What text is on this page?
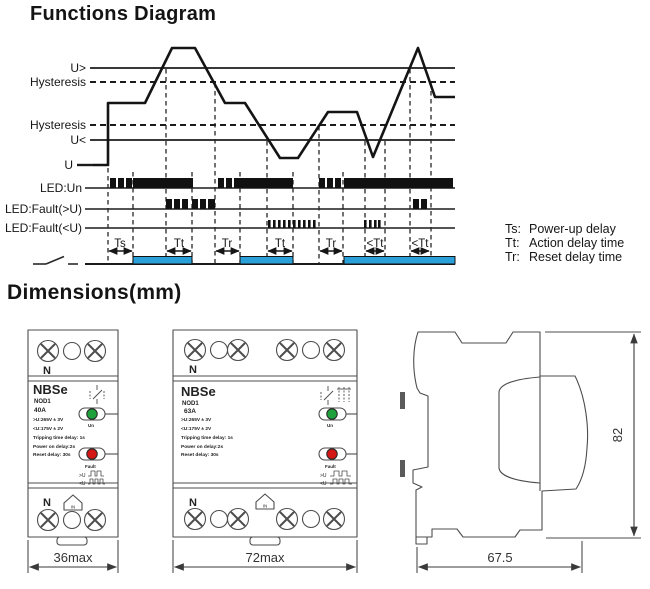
Functions Diagram
Dimensions(mm)
U>
Hysteresis
Hysteresis
U<
U
LED:Un
LED:Fault(>U)
LED:Fault(<U)
Ts	Tt	Tr	Tt	Tr	<Tt <Tt
Ts: Power-up delay
Tt: Action delay time
Tr: Reset delay time
N
NBSe
NOD1
40A
>U:265V ± 3V
<U:175V ± 2V
Tripping time delay: 1s
Power on delay:2s
Reset delay: 30s
Un
Fault
>U
<U
N	IN
36max
N
NBSe
NOD1
63A
>U:265V ± 3V
<U:175V ± 2V
Tripping time delay: 1s
Power on delay:2s
Reset delay: 30s
Un
Fault
>U
<U
N	IN
72max
82
67.5
